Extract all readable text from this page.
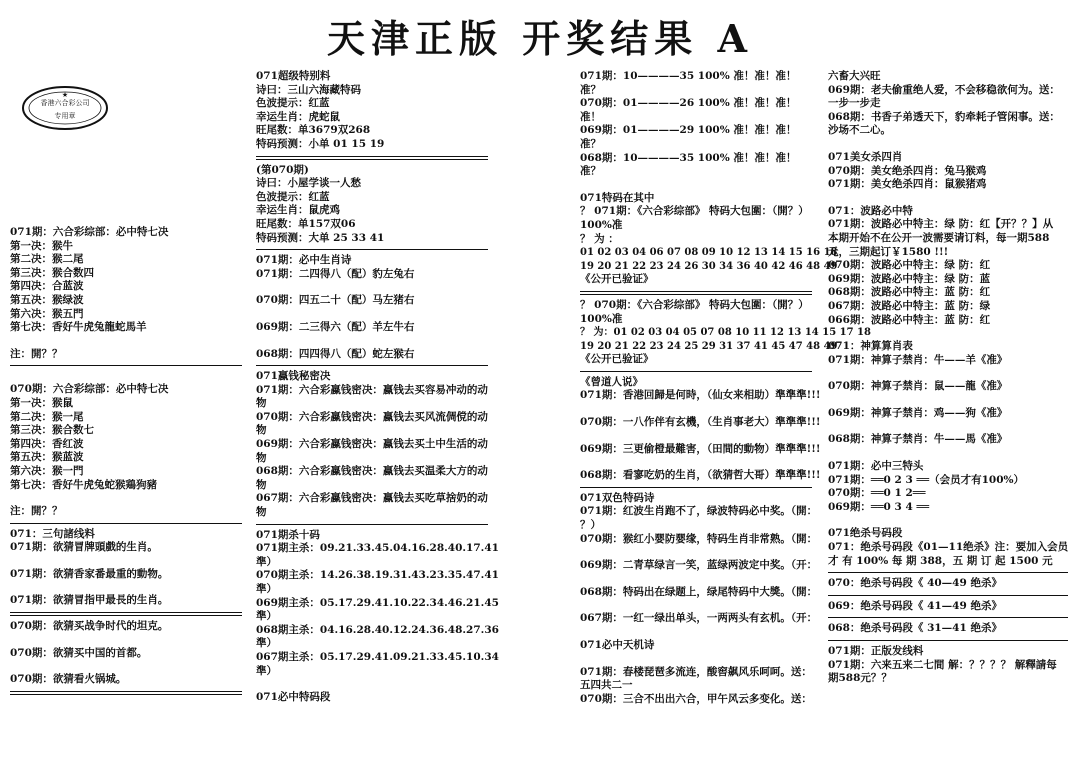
天津正版 开奖结果 A
香港六合彩公司
★
专用章
071期：六合彩综部：必中特七决
第一决：猴牛
第二决：猴二尾
第三决：猴合数四
第四决：合蓝波
第五决：猴绿波
第六决：猴五門
第七决：香好牛虎兔龍蛇馬羊
注：開？？
070期：六合彩综部：必中特七决
第一决：猴鼠
第二决：猴一尾
第三决：猴合数七
第四决：香红波
第五决：猴蓝波
第六决：猴一門
第七决：香好牛虎兔蛇猴鶏狗豬
注：開？？
071：三句諸线料
071期：欲猜冒牌頭戲的生肖。
071期：欲猜香家番最重的動物。
071期：欲猜冒指甲最長的生肖。
070期：欲猜买战争时代的坦克。
070期：欲猜买中国的首都。
070期：欲猜看火锅城。
071超级特别料
诗曰：三山六海藏特码
色波提示：红蓝
幸运生肖：虎蛇鼠
旺尾数：单3679双268
特码预测：小单 01 15 19
(第070期)
诗曰：小屋学谈一人愁
色波提示：红蓝
幸运生肖：鼠虎鸡
旺尾数：单157双06
特码预测：大单 25 33 41
071期：必中生肖诗
071期：二四得八（配）豹左兔右
070期：四五二十（配）马左猪右
069期：二三得六（配）羊左牛右
068期：四四得八（配）蛇左猴右
071蠃钱秘密决
071期：六合彩蠃钱密决：蠃钱去买容易冲动的动
物
070期：六合彩蠃钱密决：蠃钱去买风流倜傥的动
物
069期：六合彩蠃钱密决：蠃钱去买土中生活的动
物
068期：六合彩蠃钱密决：蠃钱去买温柔大方的动
物
067期：六合彩蠃钱密决：蠃钱去买吃草捨奶的动
物
071期杀十码
071期主杀：09.21.33.45.04.16.28.40.17.41
準）
070期主杀：14.26.38.19.31.43.23.35.47.41
準）
069期主杀：05.17.29.41.10.22.34.46.21.45
準）
068期主杀：04.16.28.40.12.24.36.48.27.36
準）
067期主杀：05.17.29.41.09.21.33.45.10.34
準）
071必中特码段
071期：10————35 100% 准！准！准！
准？
070期：01————26 100% 准！准！准！
准！
069期：01————29 100% 准！准！准！
准？
068期：10————35 100% 准！准！准！
准？
071特码在其中
？ 071期：《六合彩综部》 特码大包圍：（開？）
100%准
？ 为 ：
01 02 03 04 06 07 08 09 10 12 13 14 15 16 18
19 20 21 22 23 24 26 30 34 36 40 42 46 48 49
《公开已验证》
？ 070期：《六合彩综部》 特码大包圍：（開？）
100%准
？ 为：01 02 03 04 05 07 08 10 11 12 13 14 15 17 18
19 20 21 22 23 24 25 29 31 37 41 45 47 48 49
《公开已验证》
《曾道人说》
071期：香港回歸是何時，（仙女来相助）準準準!!!
070期：一八作伴有玄機，（生肖事老大）準準準!!!
069期：三更偷橙最難害，（田間的動物）準準準!!!
068期：看寥吃奶的生肖，（欲猜哲大哥）準準準!!!
071双色特码诗
071期：红波生肖跑不了，绿波特码必中奖。（開：
？）
070期：猴红小婴防婴缘，特码生肖非常熟。（開：
069期：二青草绿言一笑，蓝绿两波定中奖。（开：
068期：特码出在绿题上，绿尾特码中大獎。（開：
067期：一红一绿出单头，一两两头有玄机。（开：
071必中天机诗
071期：春楼琵琶多流连，酸窖飙风乐呵呵。送：
五四共二一
070期：三合不出出六合，甲午风云多变化。送：
六畜大兴旺
069期：老夫偷重绝人爱，不会移稳欲何为。送：
一步一步走
068期：书香子弟透天下，豹牵耗子管闲事。送：
沙场不二心。
071美女杀四肖
070期：美女绝杀四肖：兔马猴鸡
071期：美女绝杀四肖：鼠猴猪鸡
071：波路必中特
071期：波路必中特主：绿 防：红【开？？】从
本期开始不在公开一波需要请订料，每一期588
元，三期起订￥1580 !!!
070期：波路必中特主：绿 防：红
069期：波路必中特主：绿 防：蓝
068期：波路必中特主：蓝 防：红
067期：波路必中特主：蓝 防：绿
066期：波路必中特主：蓝 防：红
071：神算算肖表
071期：神算子禁肖：牛——羊《准》
070期：神算子禁肖：鼠——龍《准》
069期：神算子禁肖：鸡——狗《准》
068期：神算子禁肖：牛——馬《准》
071期：必中三特头
071期：══0 2 3 ══（会员才有100%）
070期：══0 1 2══
069期：══0 3 4 ══
071绝杀号码段
071：绝杀号码段《01—11绝杀》注：要加入会员
才 有 100% 每 期 388，五 期 订 起 1500 元
070：绝杀号码段《 40—49 绝杀》
069：绝杀号码段《 41—49 绝杀》
068：绝杀号码段《 31—41 绝杀》
071期：正版发线料
071期：六来五来二七間 解：？？？？ 解釋請每
期588元？？
